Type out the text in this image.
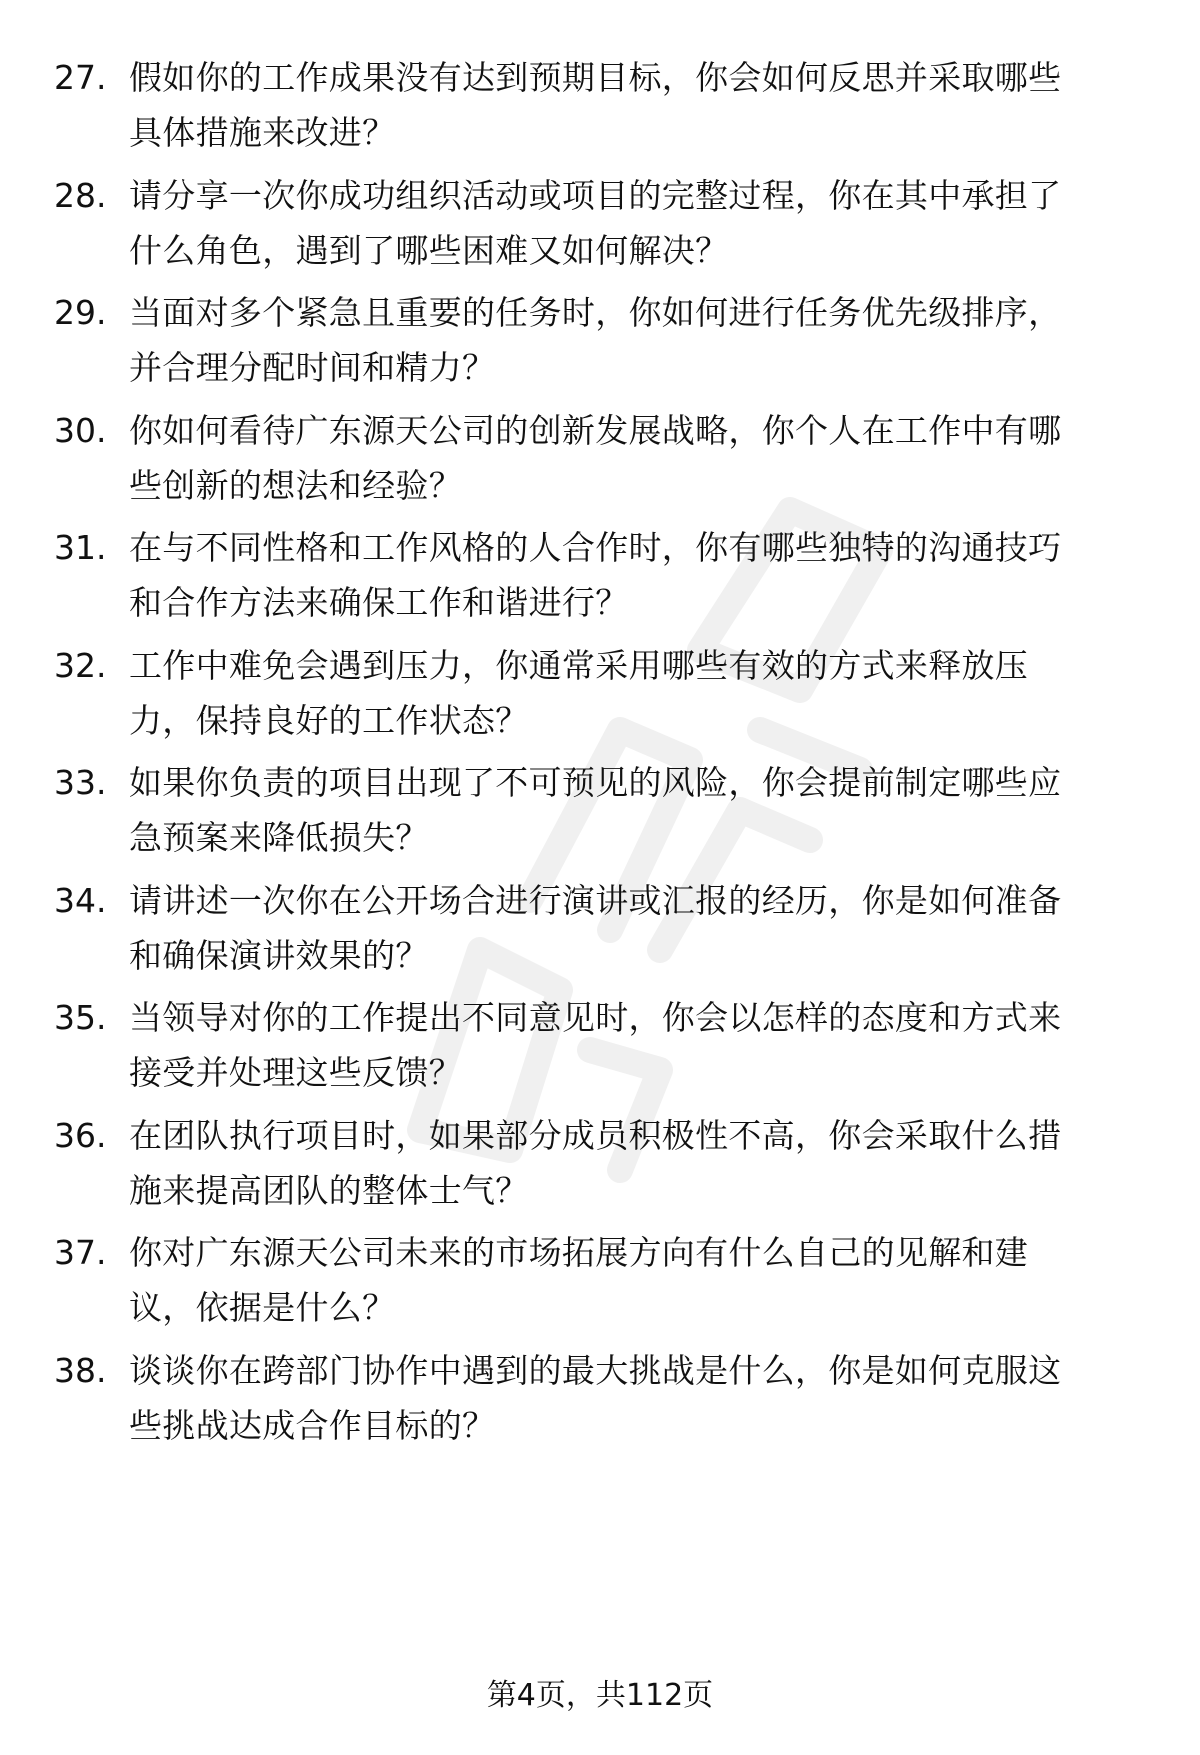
27. 假如你的工作成果没有达到预期目标，你会如何反思并采取哪些
具体措施来改进？
28. 请分享一次你成功组织活动或项目的完整过程，你在其中承担了
什么角色，遇到了哪些困难又如何解决？
29. 当面对多个紧急且重要的任务时，你如何进行任务优先级排序，
并合理分配时间和精力？
30. 你如何看待广东源天公司的创新发展战略，你个人在工作中有哪
些创新的想法和经验？
31. 在与不同性格和工作风格的人合作时，你有哪些独特的沟通技巧
和合作方法来确保工作和谐进行？
32. 工作中难免会遇到压力，你通常采用哪些有效的方式来释放压
力，保持良好的工作状态？
33. 如果你负责的项目出现了不可预见的风险，你会提前制定哪些应
急预案来降低损失？
34. 请讲述一次你在公开场合进行演讲或汇报的经历，你是如何准备
和确保演讲效果的？
35. 当领导对你的工作提出不同意见时，你会以怎样的态度和方式来
接受并处理这些反馈？
36. 在团队执行项目时，如果部分成员积极性不高，你会采取什么措
施来提高团队的整体士气？
37. 你对广东源天公司未来的市场拓展方向有什么自己的见解和建
议，依据是什么？
38. 谈谈你在跨部门协作中遇到的最大挑战是什么，你是如何克服这
些挑战达成合作目标的？
第4页，共112页
